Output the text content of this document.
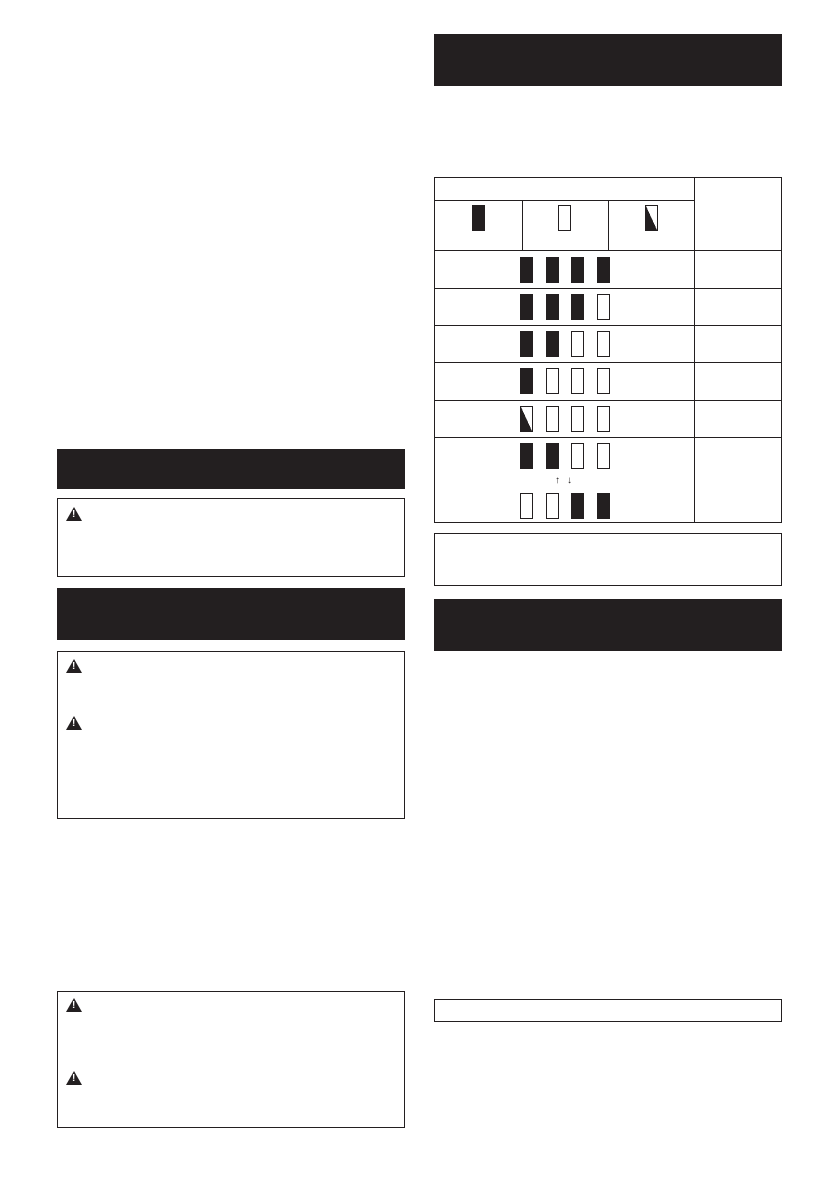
!
!
!
!
!
↑ ↓
